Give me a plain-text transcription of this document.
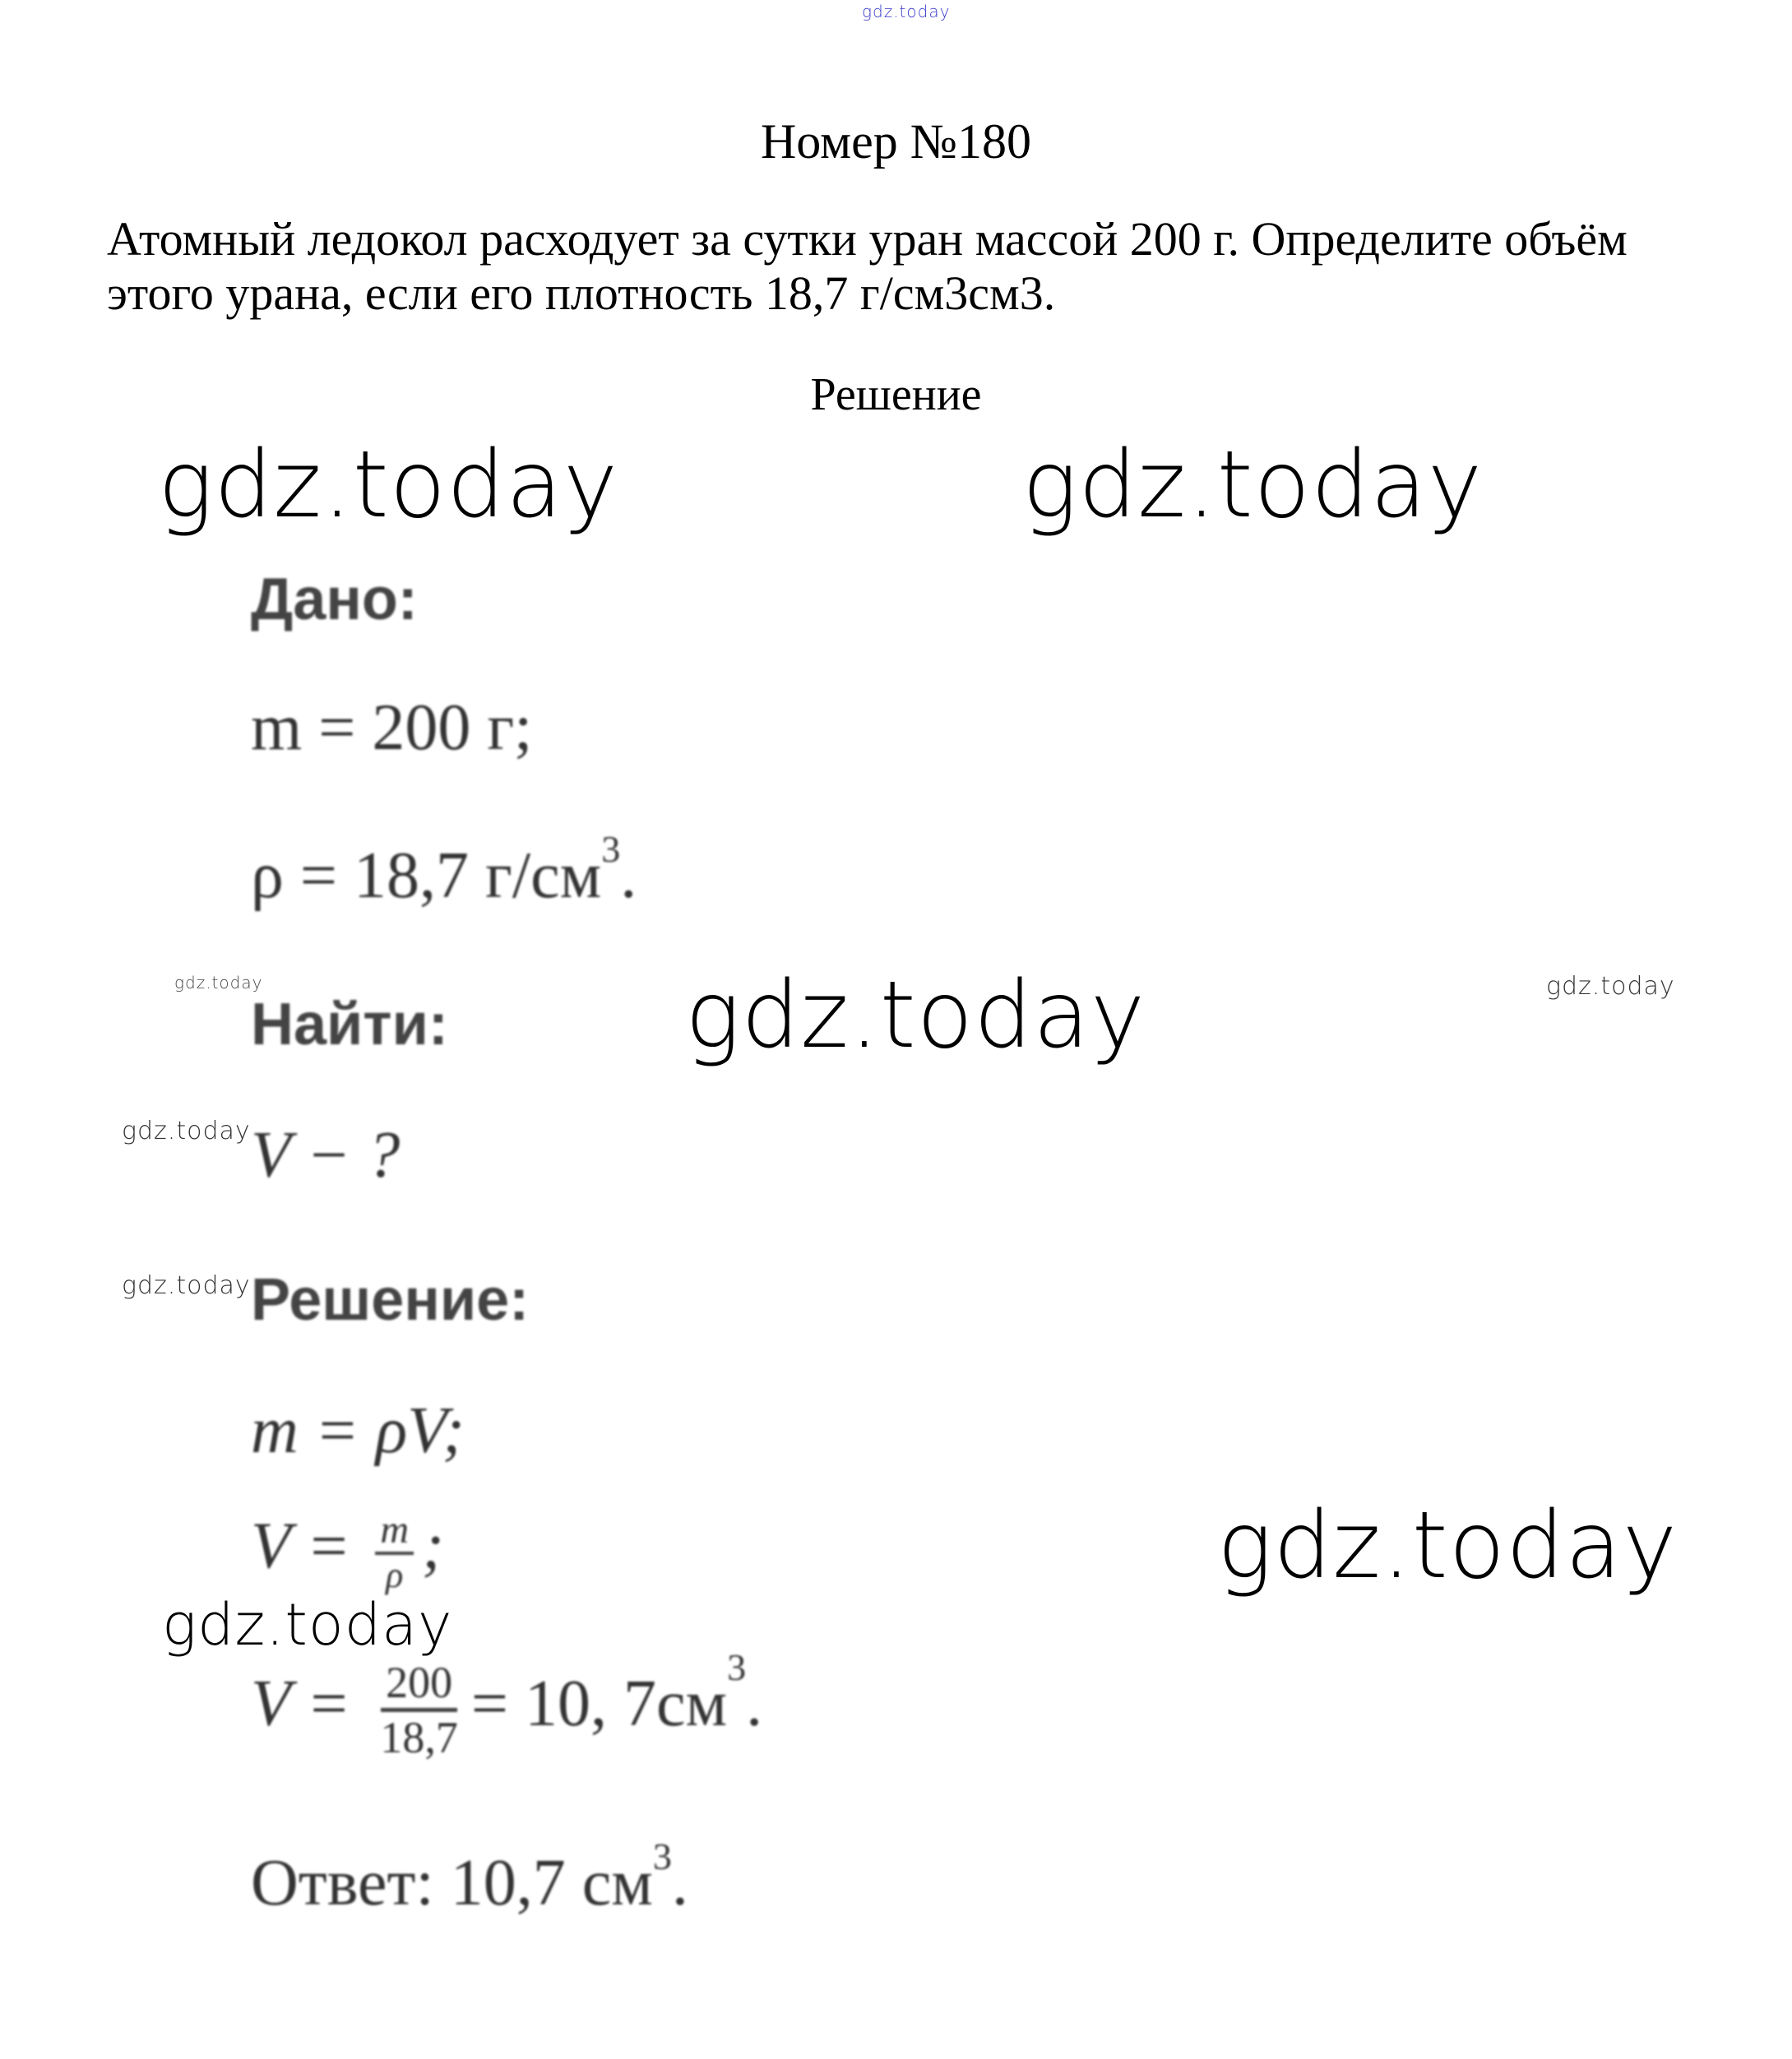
gdz.today
Номер №180
Атомный ледокол расходует за сутки уран массой 200 г. Определите объём этого урана, если его плотность 18,7 г/см3см3.
Решение
gdz.today	gdz.today
gdz.today
gdz.today
gdz.today
gdz.today	gdz.today
gdz.today
gdz.today
Дано:
m = 200 г;
ρ = 18,7 $г/см^3$.
Найти:
V − ?
Решение:
m = ρV;
$V = \frac{m}{\rho}$ ;
$V = \frac{200}{18,7} = 10$, $7см^3$.
Ответ: 10,7 $см^3$.
